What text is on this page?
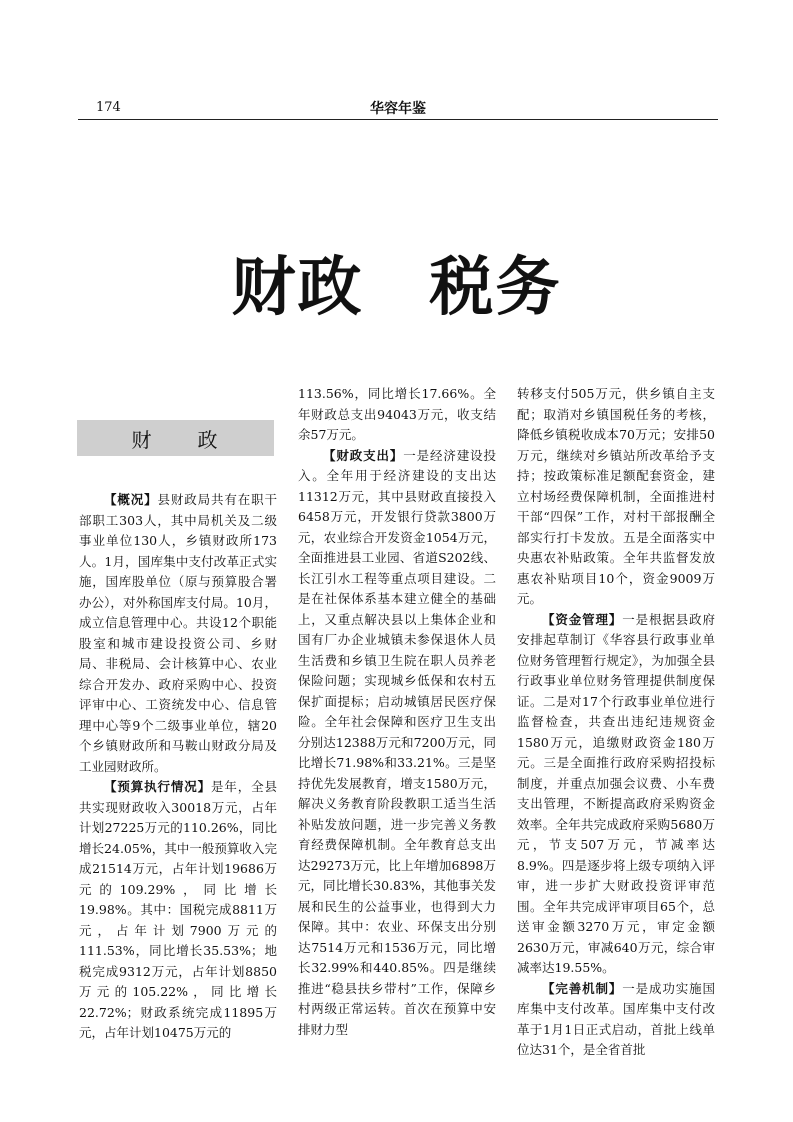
174	华容年鉴
财政　税务
财　　政

【概况】县财政局共有在职干部职工303人，其中局机关及二级事业单位130人，乡镇财政所173人。1月，国库集中支付改革正式实施，国库股单位（原与预算股合署办公），对外称国库支付局。10月，成立信息管理中心。共设12个职能股室和城市建设投资公司、乡财局、非税局、会计核算中心、农业综合开发办、政府采购中心、投资评审中心、工资统发中心、信息管理中心等9个二级事业单位，辖20个乡镇财政所和马鞍山财政分局及工业园财政所。

【预算执行情况】是年，全县共实现财政收入30018万元，占年计划27225万元的110.26%，同比增长24.05%，其中一般预算收入完成21514万元，占年计划19686万元的109.29%，同比增长19.98%。其中：国税完成8811万元，占年计划7900万元的111.53%，同比增长35.53%；地税完成9312万元，占年计划8850万元的105.22%，同比增长22.72%；财政系统完成11895万元，占年计划10475万元的

113.56%，同比增长17.66%。全年财政总支出94043万元，收支结余57万元。

【财政支出】一是经济建设投入。全年用于经济建设的支出达11312万元，其中县财政直接投入6458万元，开发银行贷款3800万元，农业综合开发资金1054万元，全面推进县工业园、省道S202线、长江引水工程等重点项目建设。二是在社保体系基本建立健全的基础上，又重点解决县以上集体企业和国有厂办企业城镇未参保退休人员生活费和乡镇卫生院在职人员养老保险问题；实现城乡低保和农村五保扩面提标；启动城镇居民医疗保险。全年社会保障和医疗卫生支出分别达12388万元和7200万元，同比增长71.98%和33.21%。三是坚持优先发展教育，增支1580万元，解决义务教育阶段教职工适当生活补贴发放问题，进一步完善义务教育经费保障机制。全年教育总支出达29273万元，比上年增加6898万元，同比增长30.83%，其他事关发展和民生的公益事业，也得到大力保障。其中：农业、环保支出分别达7514万元和1536万元，同比增长32.99%和440.85%。四是继续推进“稳县扶乡带村”工作，保障乡村两级正常运转。首次在预算中安排财力型

转移支付505万元，供乡镇自主支配；取消对乡镇国税任务的考核，降低乡镇税收成本70万元；安排50万元，继续对乡镇站所改革给予支持；按政策标准足额配套资金，建立村场经费保障机制，全面推进村干部“四保”工作，对村干部报酬全部实行打卡发放。五是全面落实中央惠农补贴政策。全年共监督发放惠农补贴项目10个，资金9009万元。

【资金管理】一是根据县政府安排起草制订《华容县行政事业单位财务管理暂行规定》，为加强全县行政事业单位财务管理提供制度保证。二是对17个行政事业单位进行监督检查，共查出违纪违规资金1580万元，追缴财政资金180万元。三是全面推行政府采购招投标制度，并重点加强会议费、小车费支出管理，不断提高政府采购资金效率。全年共完成政府采购5680万元，节支507万元，节减率达8.9%。四是逐步将上级专项纳入评审，进一步扩大财政投资评审范围。全年共完成评审项目65个，总送审金额3270万元，审定金额2630万元，审减640万元，综合审减率达19.55%。

【完善机制】一是成功实施国库集中支付改革。国库集中支付改革于1月1日正式启动，首批上线单位达31个，是全省首批
